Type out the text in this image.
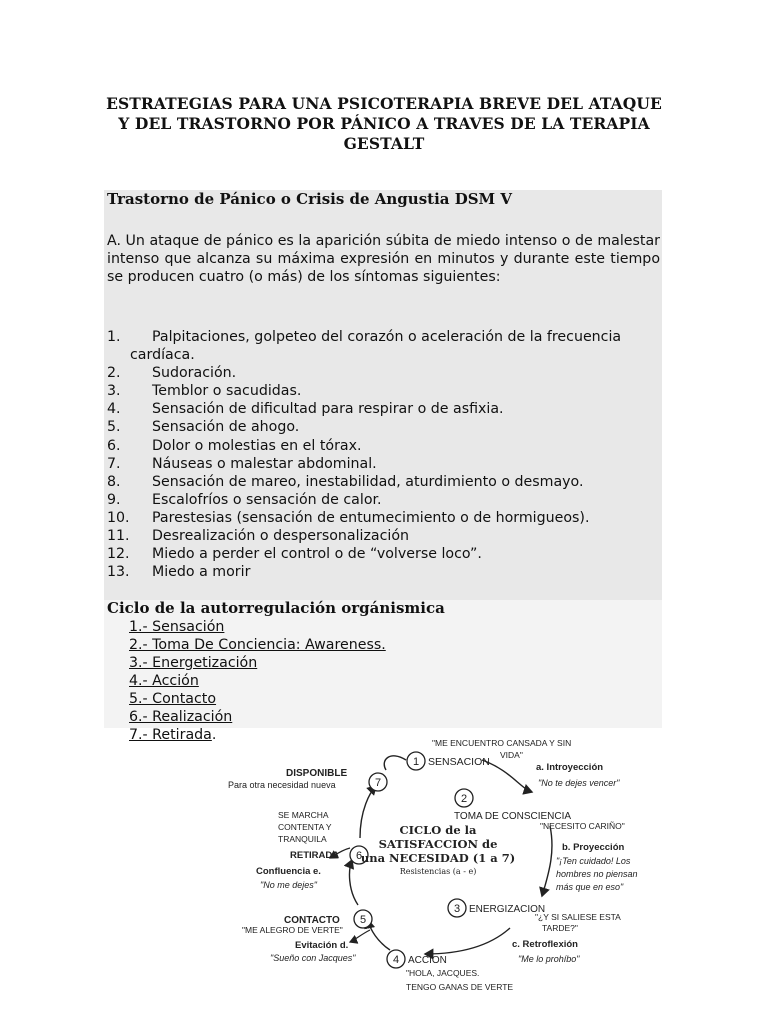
ESTRATEGIAS PARA UNA PSICOTERAPIA BREVE DEL ATAQUE Y DEL TRASTORNO POR PÁNICO A TRAVES DE LA TERAPIA GESTALT
Trastorno de Pánico o Crisis de Angustia DSM V
A. Un ataque de pánico es la aparición súbita de miedo intenso o de malestar intenso que alcanza su máxima expresión en minutos y durante este tiempo se producen cuatro (o más) de los síntomas siguientes:
1. Palpitaciones, golpeteo del corazón o aceleración de la frecuencia cardíaca.
2. Sudoración.
3. Temblor o sacudidas.
4. Sensación de dificultad para respirar o de asfixia.
5. Sensación de ahogo.
6. Dolor o molestias en el tórax.
7. Náuseas o malestar abdominal.
8. Sensación de mareo, inestabilidad, aturdimiento o desmayo.
9. Escalofríos o sensación de calor.
10. Parestesias (sensación de entumecimiento o de hormigueos).
11. Desrealización o despersonalización
12. Miedo a perder el control o de “volverse loco”.
13. Miedo a morir
Ciclo de la autorregulación orgánismica
1.- Sensación
2.- Toma De Conciencia: Awareness.
3.- Energetización
4.- Acción
5.- Contacto
6.- Realización
7.- Retirada.
1 SENSACION
2
TOMA DE CONSCIENCIA
3 ENERGIZACION
4 ACCION
5
CONTACTO
6
RETIRADA
7
DISPONIBLE
CICLO de la
SATISFACCION de
una NECESIDAD (1 a 7)
Resistencias (a - e)
"ME ENCUENTRO CANSADA Y SIN
VIDA"
"NECESITO CARIÑO"
"¿Y SI SALIESE ESTA
TARDE?"
"HOLA, JACQUES.
TENGO GANAS DE VERTE
"ME ALEGRO DE VERTE"
SE MARCHA
CONTENTA Y
TRANQUILA
Para otra necesidad nueva
a. Introyección
"No te dejes vencer"
b. Proyección
"¡Ten cuidado! Los
hombres no piensan
más que en eso"
c. Retroflexión
"Me lo prohíbo"
Evitación d.
"Sueño con Jacques"
Confluencia e.
"No me dejes"
